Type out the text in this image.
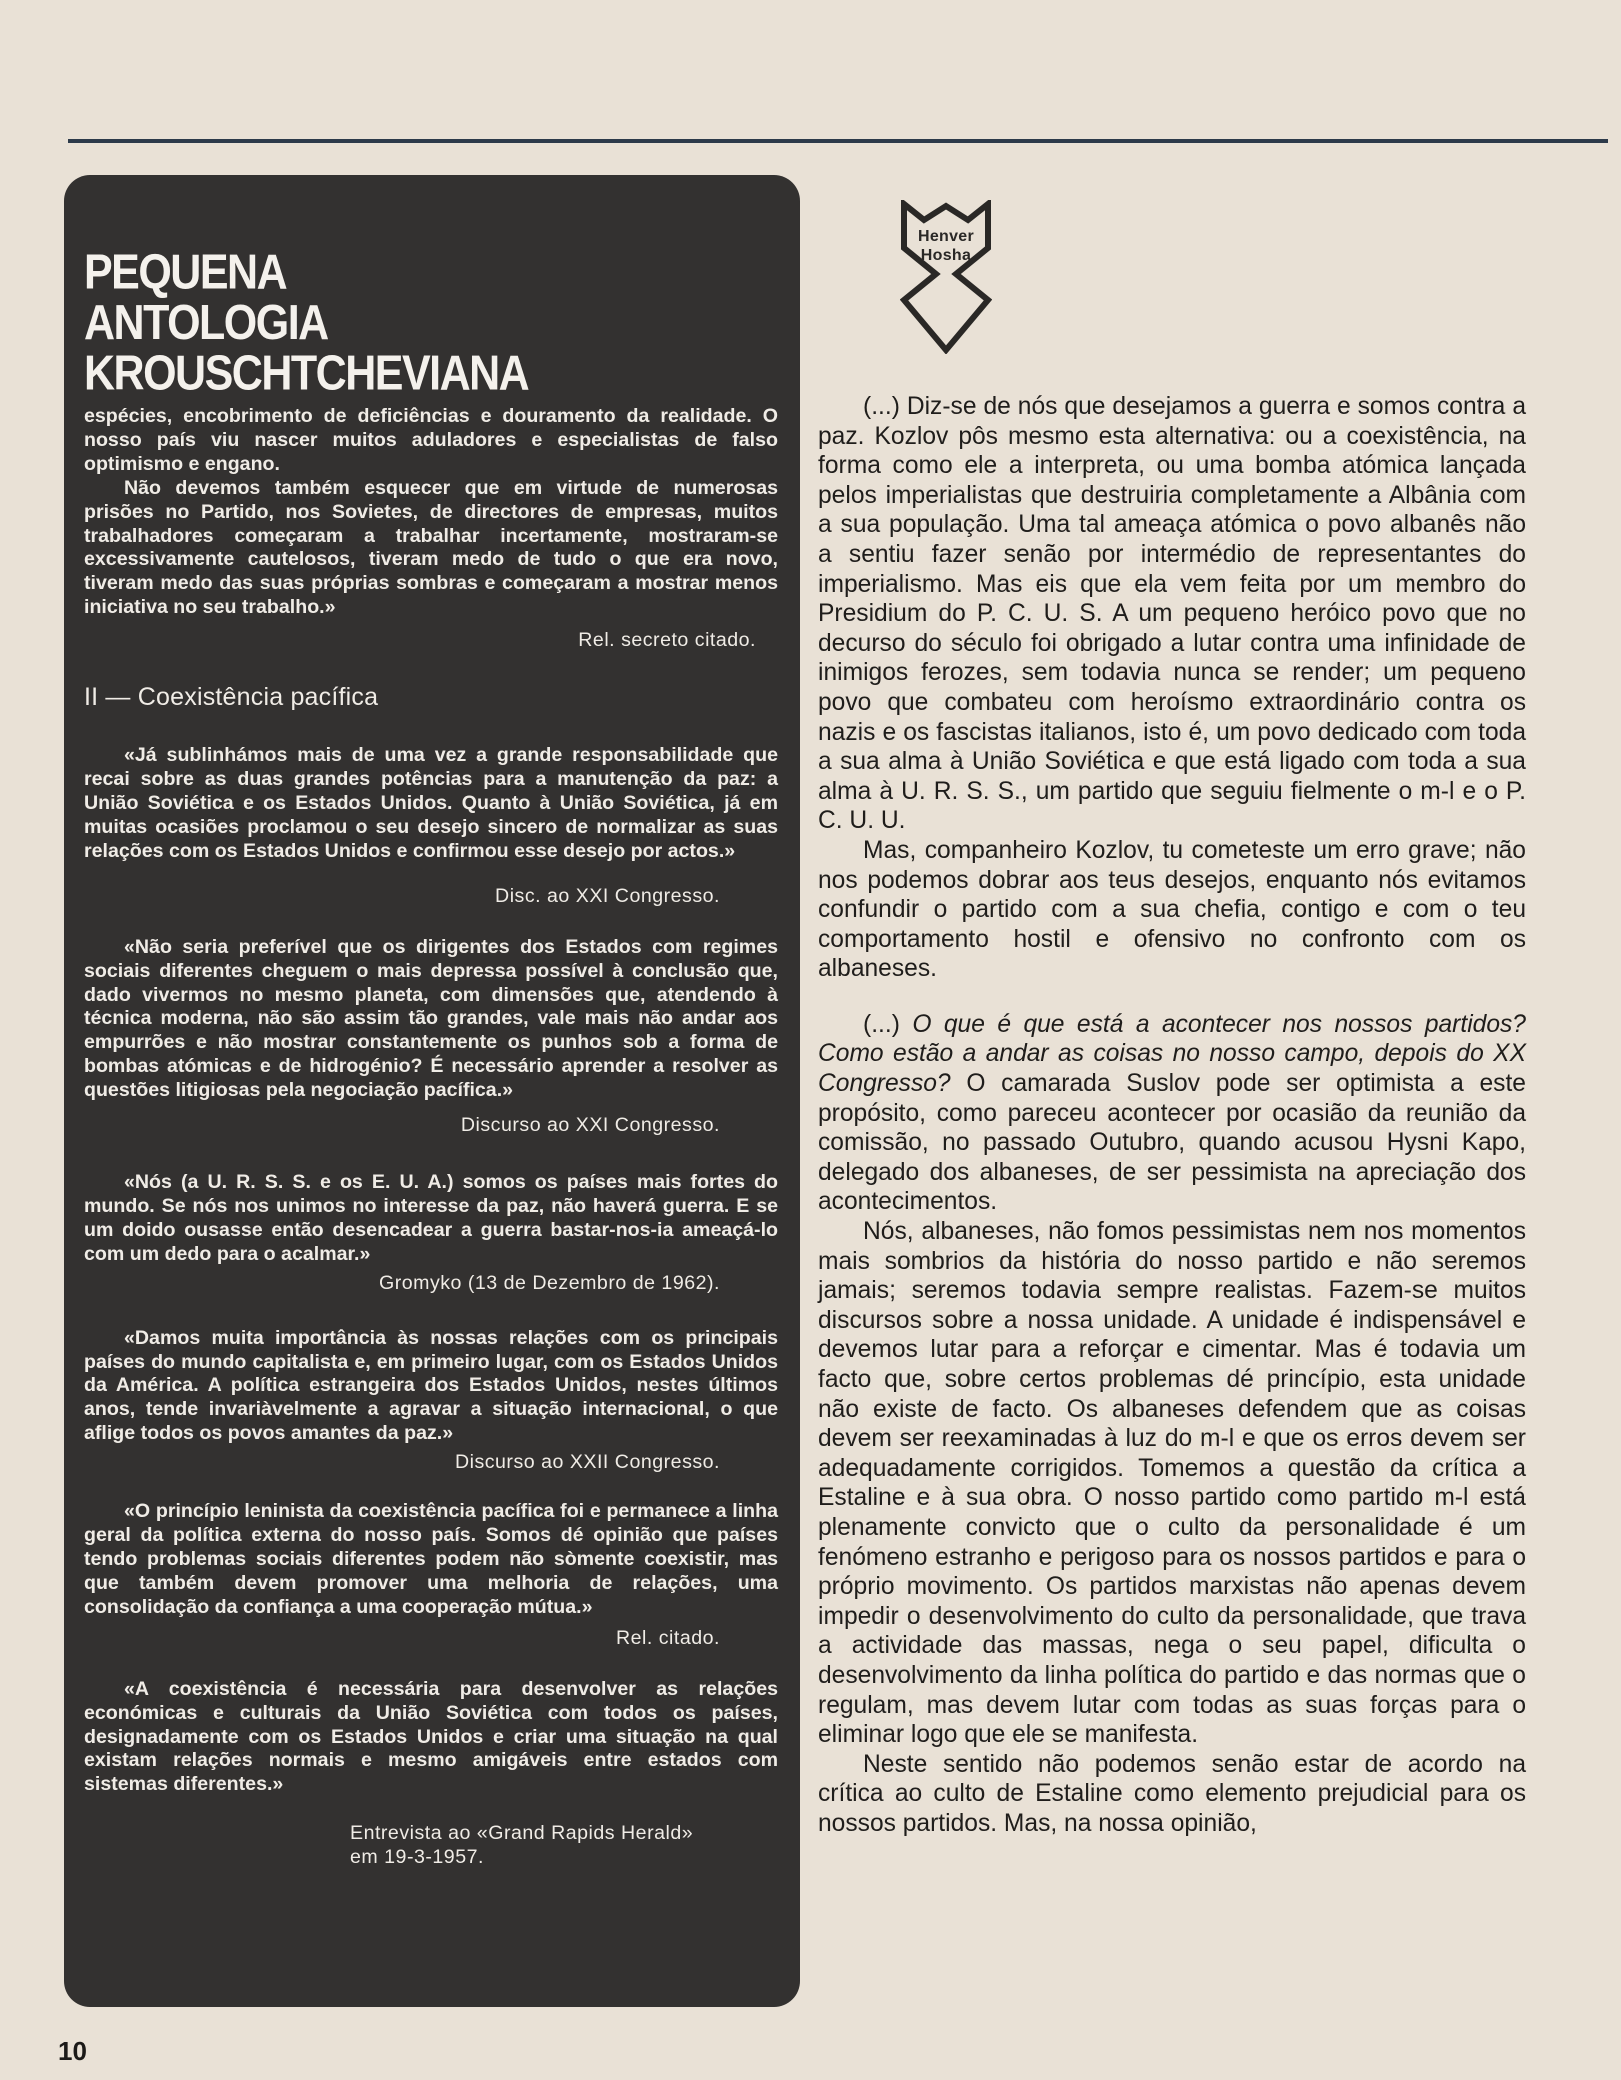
PEQUENA
ANTOLOGIA
KROUSCHTCHEVIANA

espécies, encobrimento de deficiências e douramento da realidade. O nosso país viu nascer muitos aduladores e especialistas de falso optimismo e engano.

Não devemos também esquecer que em virtude de numerosas prisões no Partido, nos Sovietes, de directores de empresas, muitos trabalhadores começaram a trabalhar incertamente, mostraram-se excessivamente cautelosos, tiveram medo de tudo o que era novo, tiveram medo das suas próprias sombras e começaram a mostrar menos iniciativa no seu trabalho.»

Rel. secreto citado.
II — Coexistência pacífica

«Já sublinhámos mais de uma vez a grande responsabilidade que recai sobre as duas grandes potências para a manutenção da paz: a União Soviética e os Estados Unidos. Quanto à União Soviética, já em muitas ocasiões proclamou o seu desejo sincero de normalizar as suas relações com os Estados Unidos e confirmou esse desejo por actos.»

Disc. ao XXI Congresso.

«Não seria preferível que os dirigentes dos Estados com regimes sociais diferentes cheguem o mais depressa possível à conclusão que, dado vivermos no mesmo planeta, com dimensões que, atendendo à técnica moderna, não são assim tão grandes, vale mais não andar aos empurrões e não mostrar constantemente os punhos sob a forma de bombas atómicas e de hidrogénio? É necessário aprender a resolver as questões litigiosas pela negociação pacífica.»

Discurso ao XXI Congresso.

«Nós (a U. R. S. S. e os E. U. A.) somos os países mais fortes do mundo. Se nós nos unimos no interesse da paz, não haverá guerra. E se um doido ousasse então desencadear a guerra bastar-nos-ia ameaçá-lo com um dedo para o acalmar.»

Gromyko (13 de Dezembro de 1962).

«Damos muita importância às nossas relações com os principais países do mundo capitalista e, em primeiro lugar, com os Estados Unidos da América. A política estrangeira dos Estados Unidos, nestes últimos anos, tende invariàvelmente a agravar a situação internacional, o que aflige todos os povos amantes da paz.»

Discurso ao XXII Congresso.

«O princípio leninista da coexistência pacífica foi e permanece a linha geral da política externa do nosso país. Somos dé opinião que países tendo problemas sociais diferentes podem não sòmente coexistir, mas que também devem promover uma melhoria de relações, uma consolidação da confiança a uma cooperação mútua.»

Rel. citado.

«A coexistência é necessária para desenvolver as relações económicas e culturais da União Soviética com todos os países, designadamente com os Estados Unidos e criar uma situação na qual existam relações normais e mesmo amigáveis entre estados com sistemas diferentes.»

Entrevista ao «Grand Rapids Herald»
em 19-3-1957.
Henver
Hosha

(...) Diz-se de nós que desejamos a guerra e somos contra a paz. Kozlov pôs mesmo esta alternativa: ou a coexistência, na forma como ele a interpreta, ou uma bomba atómica lançada pelos imperialistas que destruiria completamente a Albânia com a sua população. Uma tal ameaça atómica o povo albanês não a sentiu fazer senão por intermédio de representantes do imperialismo. Mas eis que ela vem feita por um membro do Presidium do P. C. U. S. A um pequeno heróico povo que no decurso do século foi obrigado a lutar contra uma infinidade de inimigos ferozes, sem todavia nunca se render; um pequeno povo que combateu com heroísmo extraordinário contra os nazis e os fascistas italianos, isto é, um povo dedicado com toda a sua alma à União Soviética e que está ligado com toda a sua alma à U. R. S. S., um partido que seguiu fielmente o m-l e o P. C. U. U.

Mas, companheiro Kozlov, tu cometeste um erro grave; não nos podemos dobrar aos teus desejos, enquanto nós evitamos confundir o partido com a sua chefia, contigo e com o teu comportamento hostil e ofensivo no confronto com os albaneses.

(...) O que é que está a acontecer nos nossos partidos? Como estão a andar as coisas no nosso campo, depois do XX Congresso? O camarada Suslov pode ser optimista a este propósito, como pareceu acontecer por ocasião da reunião da comissão, no passado Outubro, quando acusou Hysni Kapo, delegado dos albaneses, de ser pessimista na apreciação dos acontecimentos.

Nós, albaneses, não fomos pessimistas nem nos momentos mais sombrios da história do nosso partido e não seremos jamais; seremos todavia sempre realistas. Fazem-se muitos discursos sobre a nossa unidade. A unidade é indispensável e devemos lutar para a reforçar e cimentar. Mas é todavia um facto que, sobre certos problemas dé princípio, esta unidade não existe de facto. Os albaneses defendem que as coisas devem ser reexaminadas à luz do m-l e que os erros devem ser adequadamente corrigidos. Tomemos a questão da crítica a Estaline e à sua obra. O nosso partido como partido m-l está plenamente convicto que o culto da personalidade é um fenómeno estranho e perigoso para os nossos partidos e para o próprio movimento. Os partidos marxistas não apenas devem impedir o desenvolvimento do culto da personalidade, que trava a actividade das massas, nega o seu papel, dificulta o desenvolvimento da linha política do partido e das normas que o regulam, mas devem lutar com todas as suas forças para o eliminar logo que ele se manifesta.

Neste sentido não podemos senão estar de acordo na crítica ao culto de Estaline como elemento prejudicial para os nossos partidos. Mas, na nossa opinião,

10
